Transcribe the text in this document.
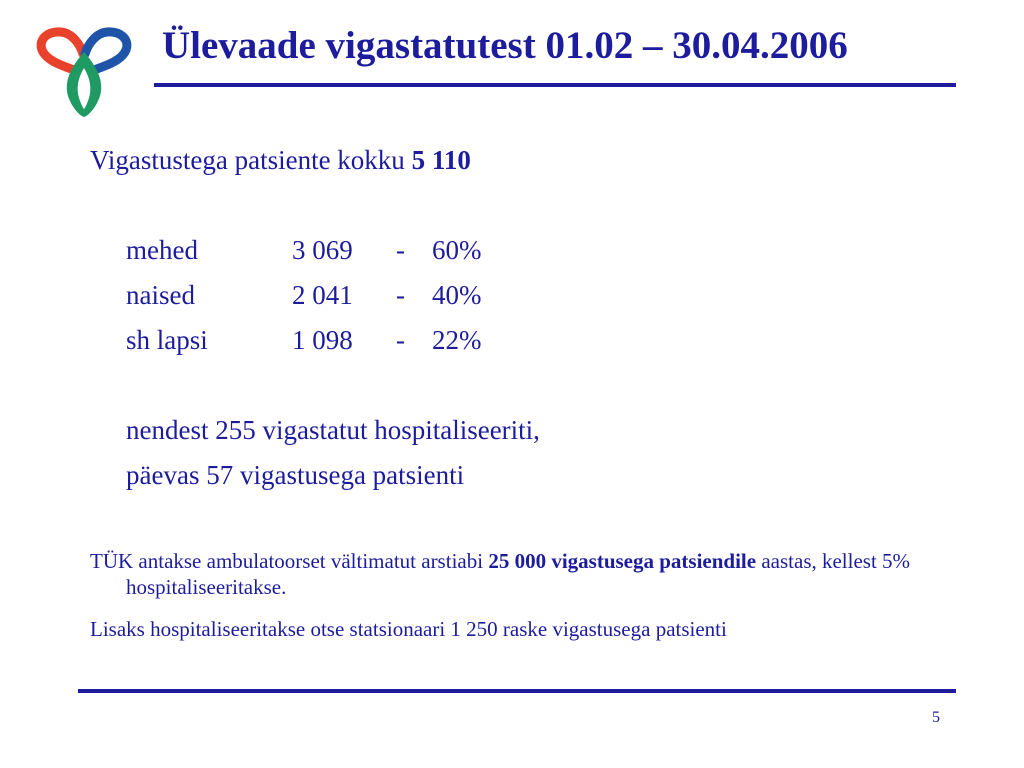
Ülevaade vigastatutest 01.02 – 30.04.2006

Vigastustega patsiente kokku 5 110

mehed	3 069 - 60%
naised	2 041 - 40%
sh lapsi	1 098 - 22%

nendest 255 vigastatut hospitaliseeriti,

päevas 57 vigastusega patsienti

TÜK antakse ambulatoorset vältimatut arstiabi 25 000 vigastusega patsiendile aastas, kellest 5% hospitaliseeritakse.

Lisaks hospitaliseeritakse otse statsionaari 1 250 raske vigastusega patsienti

5
